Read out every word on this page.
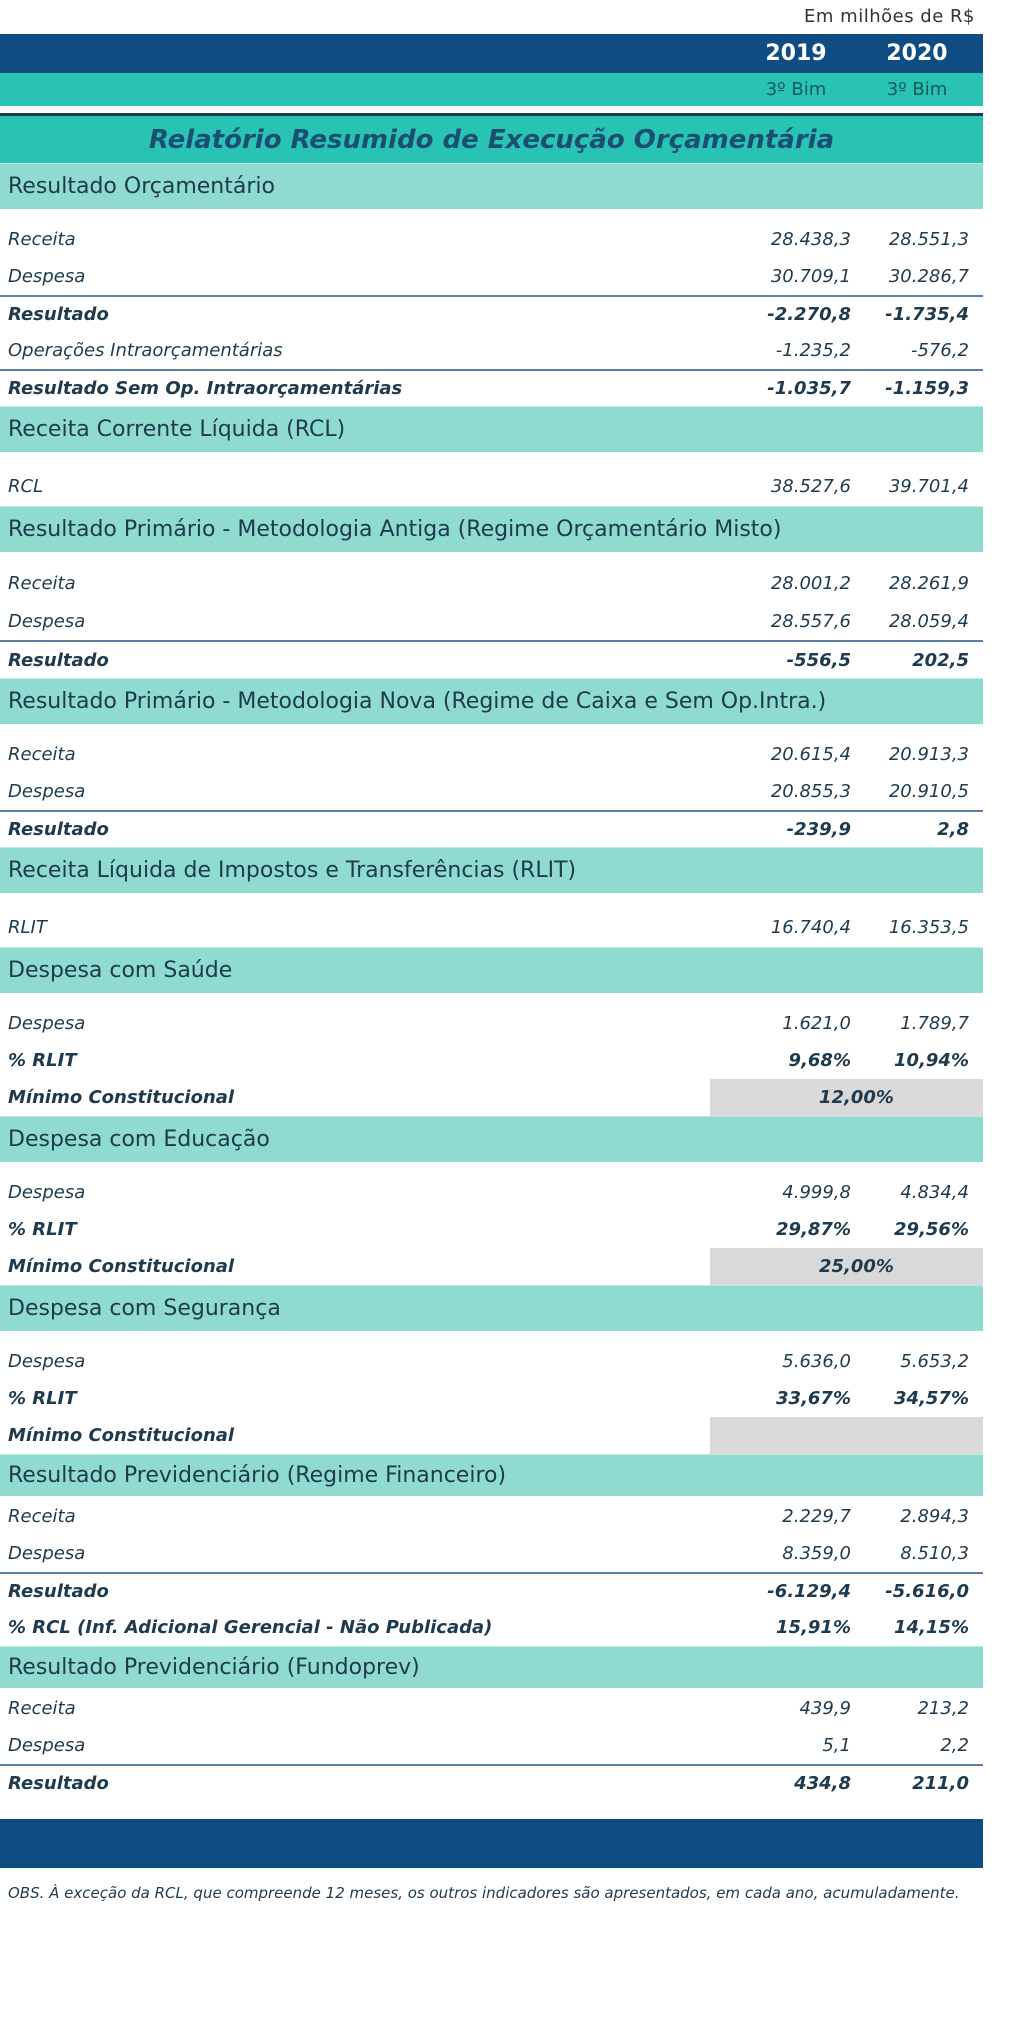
Em milhões de R$
2019	2020
3º Bim	3º Bim
Relatório Resumido de Execução Orçamentária
Resultado Orçamentário
Receita	28.438,3	28.551,3
Despesa	30.709,1	30.286,7
Resultado	-2.270,8	-1.735,4
Operações Intraorçamentárias	-1.235,2	-576,2
Resultado Sem Op. Intraorçamentárias	-1.035,7	-1.159,3
Receita Corrente Líquida (RCL)
RCL	38.527,6	39.701,4
Resultado Primário - Metodologia Antiga (Regime Orçamentário Misto)
Receita	28.001,2	28.261,9
Despesa	28.557,6	28.059,4
Resultado	-556,5	202,5
Resultado Primário - Metodologia Nova (Regime de Caixa e Sem Op.Intra.)
Receita	20.615,4	20.913,3
Despesa	20.855,3	20.910,5
Resultado	-239,9	2,8
Receita Líquida de Impostos e Transferências (RLIT)
RLIT	16.740,4	16.353,5
Despesa com Saúde
Despesa	1.621,0	1.789,7
% RLIT	9,68%	10,94%
Mínimo Constitucional	12,00%
Despesa com Educação
Despesa	4.999,8	4.834,4
% RLIT	29,87%	29,56%
Mínimo Constitucional	25,00%
Despesa com Segurança
Despesa	5.636,0	5.653,2
% RLIT	33,67%	34,57%
Mínimo Constitucional
Resultado Previdenciário (Regime Financeiro)
Receita	2.229,7	2.894,3
Despesa	8.359,0	8.510,3
Resultado	-6.129,4	-5.616,0
% RCL (Inf. Adicional Gerencial - Não Publicada)	15,91%	14,15%
Resultado Previdenciário (Fundoprev)
Receita	439,9	213,2
Despesa	5,1	2,2
Resultado	434,8	211,0
OBS. À exceção da RCL, que compreende 12 meses, os outros indicadores são apresentados, em cada ano, acumuladamente.
